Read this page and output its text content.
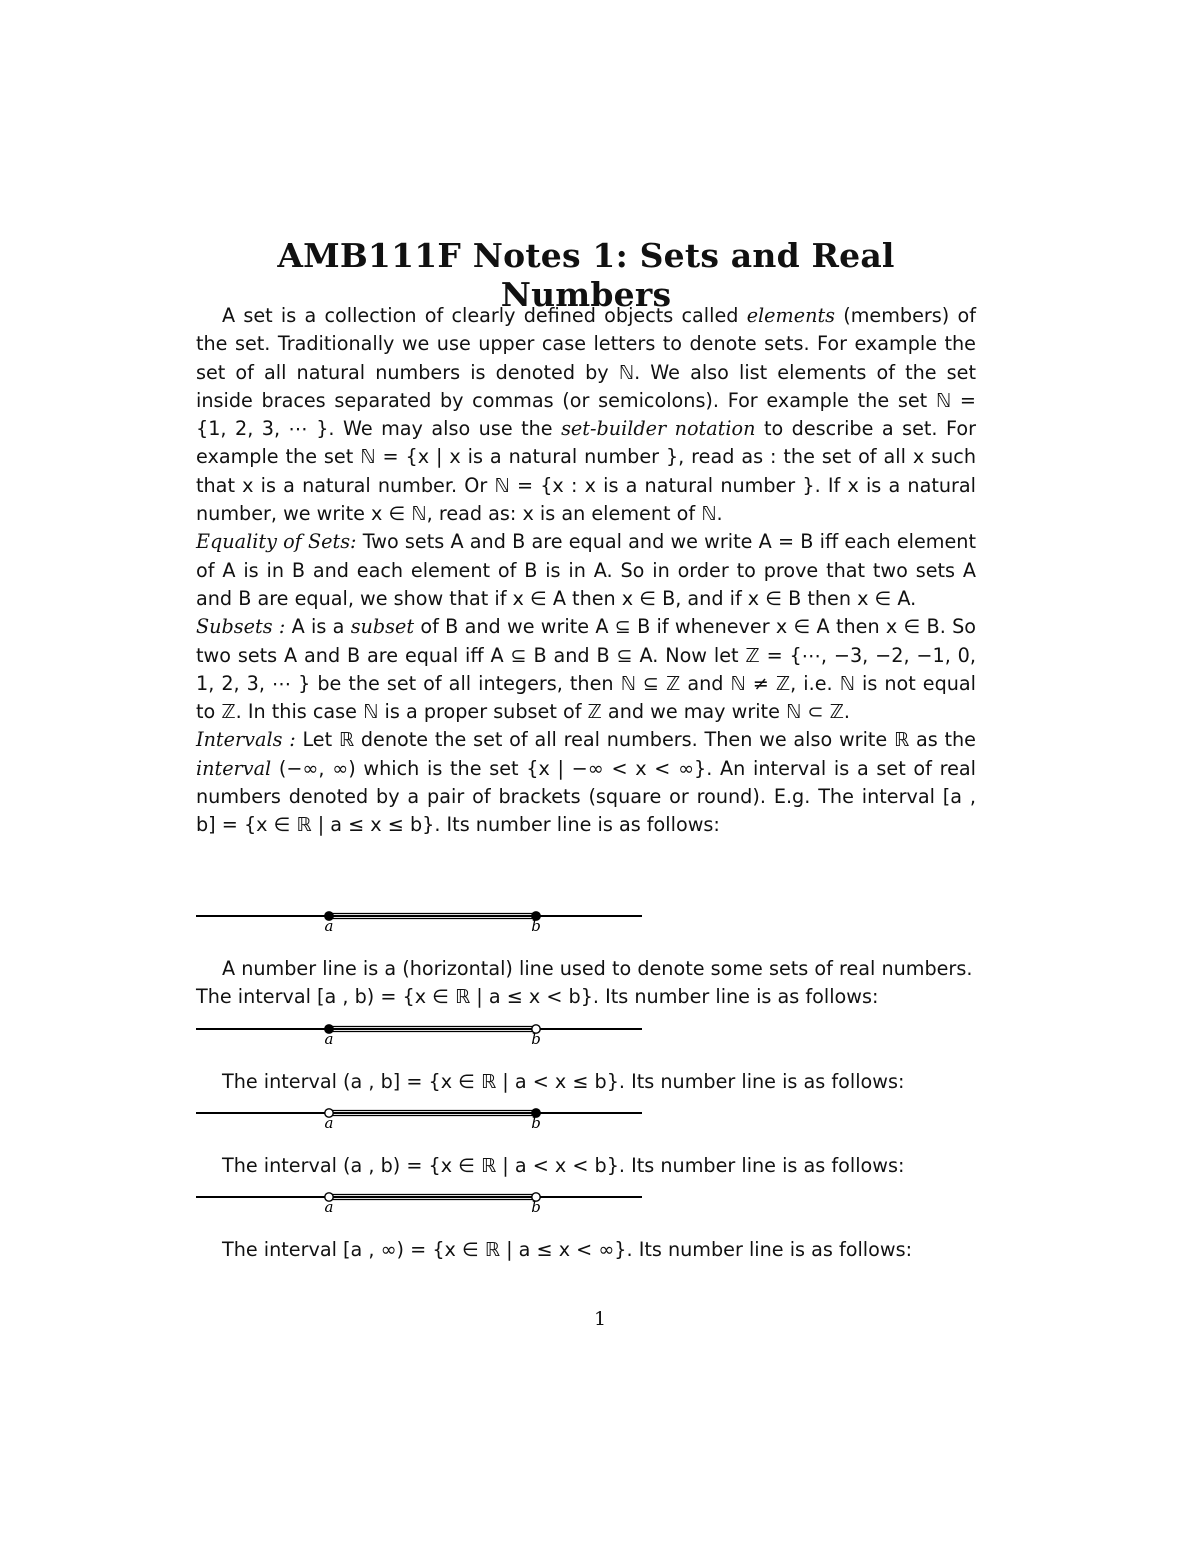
AMB111F Notes 1: Sets and Real Numbers

A set is a collection of clearly defined objects called elements (members) of the set. Traditionally we use upper case letters to denote sets. For example the set of all natural numbers is denoted by ℕ. We also list elements of the set inside braces separated by commas (or semicolons). For example the set ℕ = {1, 2, 3, ⋯ }. We may also use the set-builder notation to describe a set. For example the set ℕ = {x | x is a natural number }, read as : the set of all x such that x is a natural number. Or ℕ = {x : x is a natural number }. If x is a natural number, we write x ∈ ℕ, read as: x is an element of ℕ.

Equality of Sets: Two sets A and B are equal and we write A = B iff each element of A is in B and each element of B is in A. So in order to prove that two sets A and B are equal, we show that if x ∈ A then x ∈ B, and if x ∈ B then x ∈ A.

Subsets : A is a subset of B and we write A ⊆ B if whenever x ∈ A then x ∈ B. So two sets A and B are equal iff A ⊆ B and B ⊆ A. Now let ℤ = {⋯, −3, −2, −1, 0, 1, 2, 3, ⋯ } be the set of all integers, then ℕ ⊆ ℤ and ℕ ≠ ℤ, i.e. ℕ is not equal to ℤ. In this case ℕ is a proper subset of ℤ and we may write ℕ ⊂ ℤ.

Intervals : Let ℝ denote the set of all real numbers. Then we also write ℝ as the interval (−∞, ∞) which is the set {x | −∞ < x < ∞}. An interval is a set of real numbers denoted by a pair of brackets (square or round). E.g. The interval [a , b] = {x ∈ ℝ | a ≤ x ≤ b}. Its number line is as follows:

a	b
A number line is a (horizontal) line used to denote some sets of real numbers.
The interval [a , b) = {x ∈ ℝ | a ≤ x < b}. Its number line is as follows:
a	b
The interval (a , b] = {x ∈ ℝ | a < x ≤ b}. Its number line is as follows:
a	b
The interval (a , b) = {x ∈ ℝ | a < x < b}. Its number line is as follows:
a	b
The interval [a , ∞) = {x ∈ ℝ | a ≤ x < ∞}. Its number line is as follows:
1
